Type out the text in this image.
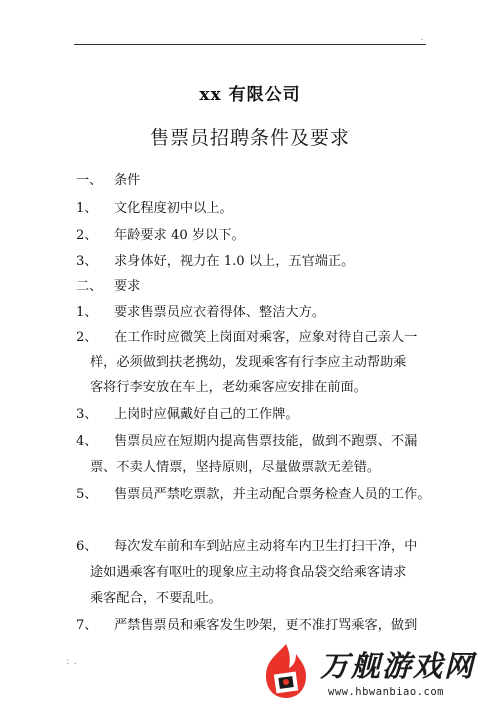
.
xx 有限公司
售票员招聘条件及要求
一、 条件
1、 文化程度初中以上。
2、 年龄要求 40 岁以下。
3、 求身体好，视力在 1.0 以上，五官端正。
二、 要求
1、 要求售票员应衣着得体、整洁大方。
2、 在工作时应微笑上岗面对乘客，应象对待自己亲人一
样，必须做到扶老携幼，发现乘客有行李应主动帮助乘
客将行李安放在车上，老幼乘客应安排在前面。
3、 上岗时应佩戴好自己的工作牌。
4、 售票员应在短期内提高售票技能，做到不跑票、不漏
票、不卖人情票，坚持原则，尽量做票款无差错。
5、 售票员严禁吃票款，并主动配合票务检查人员的工作。
6、 每次发车前和车到站应主动将车内卫生打扫干净，中
途如遇乘客有呕吐的现象应主动将食品袋交给乘客请求
乘客配合，不要乱吐。
7、 严禁售票员和乘客发生吵架，更不准打骂乘客，做到
：.	万舰游戏网
www.hbwanbiao.com
